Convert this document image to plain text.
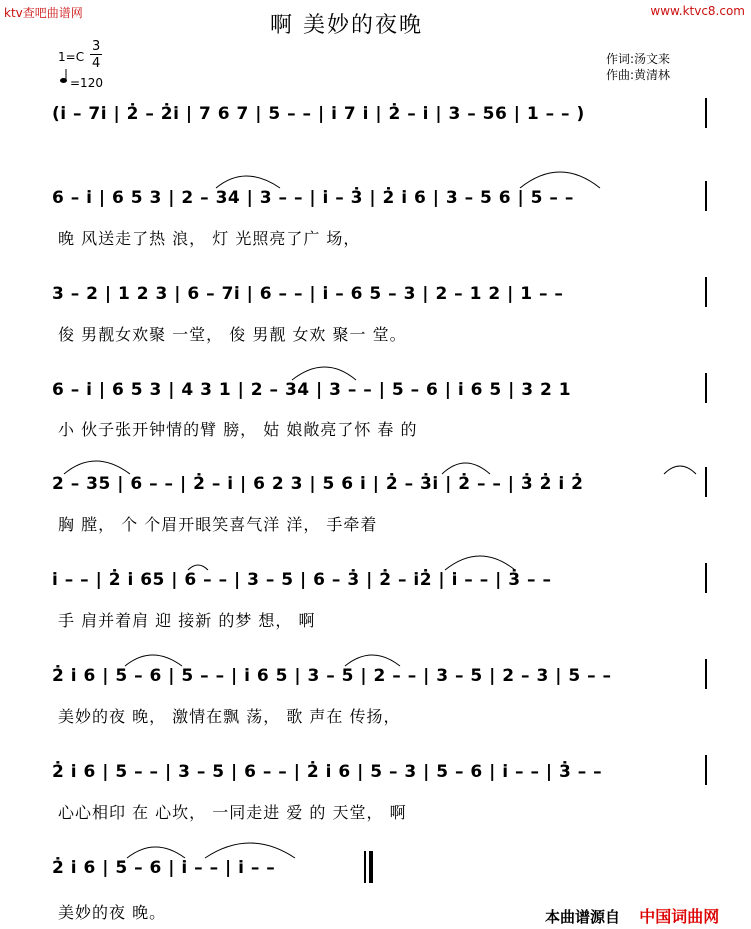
ktv查吧曲谱网	www.ktvc8.com
啊 美妙的夜晚
1=C
3
4
=120
作词:汤文来
作曲:黄清林
(i̇ – 7i̇ | 2̇ – 2̇i̇ | 7 6 7 | 5 – – | i̇ 7 i̇ | 2̇ – i̇ | 3 – 56 | 1 – – )
6 – i̇ | 6 5 3 | 2 – 34 | 3 – – | i̇ – 3̇ | 2̇ i̇ 6 | 3 – 5 6 | 5 – –
晚 风送走了热 浪， 灯 光照亮了广 场，
3 – 2 | 1 2 3 | 6 – 7i̇ | 6 – – | i̇ – 6 5 – 3 | 2 – 1 2 | 1 – –
俊 男靓女欢聚 一堂， 俊 男靓 女欢 聚一 堂。
6 – i̇ | 6 5 3 | 4 3 1 | 2 – 34 | 3 – – | 5 – 6 | i̇ 6 5 | 3 2 1
小 伙子张开钟情的臂 膀， 姑 娘敞亮了怀 春 的
2 – 35 | 6 – – | 2̇ – i̇ | 6 2 3 | 5 6 i̇ | 2̇ – 3̇i̇ | 2̇ – – | 3̇ 2̇ i̇ 2̇
胸 膛， 个 个眉开眼笑喜气洋 洋， 手牵着
i̇ – – | 2̇ i̇ 65 | 6 – – | 3 – 5 | 6 – 3̇ | 2̇ – i̇2̇ | i̇ – – | 3̇ – –
手 肩并着肩 迎 接新 的梦 想， 啊
2̇ i̇ 6 | 5 – 6 | 5 – – | i̇ 6 5 | 3 – 5 | 2 – – | 3 – 5 | 2 – 3 | 5 – –
美妙的夜 晚， 激情在飘 荡， 歌 声在 传扬，
2̇ i̇ 6 | 5 – – | 3 – 5 | 6 – – | 2̇ i̇ 6 | 5 – 3 | 5 – 6 | i̇ – – | 3̇ – –
心心相印 在 心坎， 一同走进 爱 的 天堂， 啊
2̇ i̇ 6 | 5 – 6 | i̇ – – | i̇ – –
美妙的夜 晚。	本曲谱源自 中国词曲网
